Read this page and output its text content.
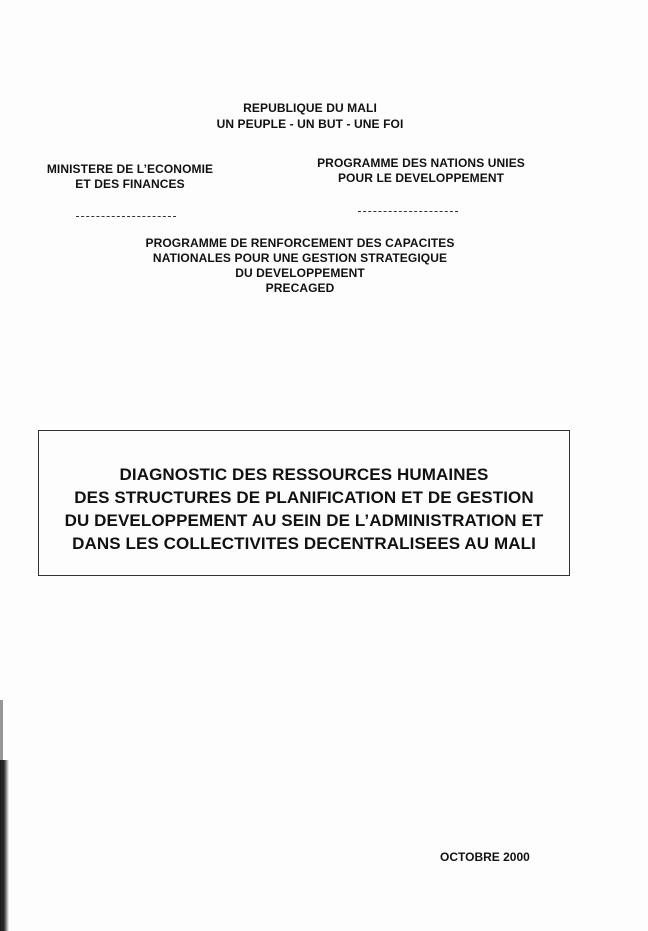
REPUBLIQUE DU MALI
UN PEUPLE - UN BUT - UNE FOI
MINISTERE DE L’ECONOMIE
ET DES FINANCES
PROGRAMME DES NATIONS UNIES
POUR LE DEVELOPPEMENT
PROGRAMME DE RENFORCEMENT DES CAPACITES
NATIONALES POUR UNE GESTION STRATEGIQUE
DU DEVELOPPEMENT
PRECAGED
DIAGNOSTIC DES RESSOURCES HUMAINES
DES STRUCTURES DE PLANIFICATION ET DE GESTION
DU DEVELOPPEMENT AU SEIN DE L’ADMINISTRATION ET
DANS LES COLLECTIVITES DECENTRALISEES AU MALI
OCTOBRE 2000
